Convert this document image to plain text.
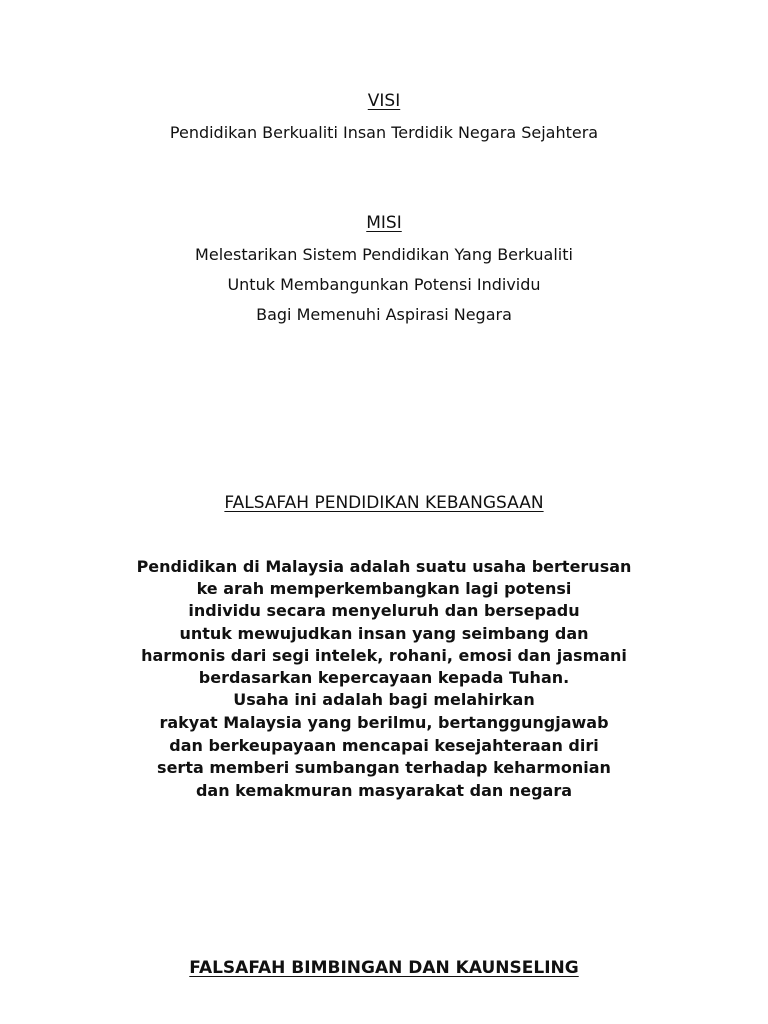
VISI
Pendidikan Berkualiti Insan Terdidik Negara Sejahtera
MISI
Melestarikan Sistem Pendidikan Yang Berkualiti
Untuk Membangunkan Potensi Individu
Bagi Memenuhi Aspirasi Negara
FALSAFAH PENDIDIKAN KEBANGSAAN
Pendidikan di Malaysia adalah suatu usaha berterusan
ke arah memperkembangkan lagi potensi
individu secara menyeluruh dan bersepadu
untuk mewujudkan insan yang seimbang dan
harmonis dari segi intelek, rohani, emosi dan jasmani
berdasarkan kepercayaan kepada Tuhan.
Usaha ini adalah bagi melahirkan
rakyat Malaysia yang berilmu, bertanggungjawab
dan berkeupayaan mencapai kesejahteraan diri
serta memberi sumbangan terhadap keharmonian
dan kemakmuran masyarakat dan negara
FALSAFAH BIMBINGAN DAN KAUNSELING
